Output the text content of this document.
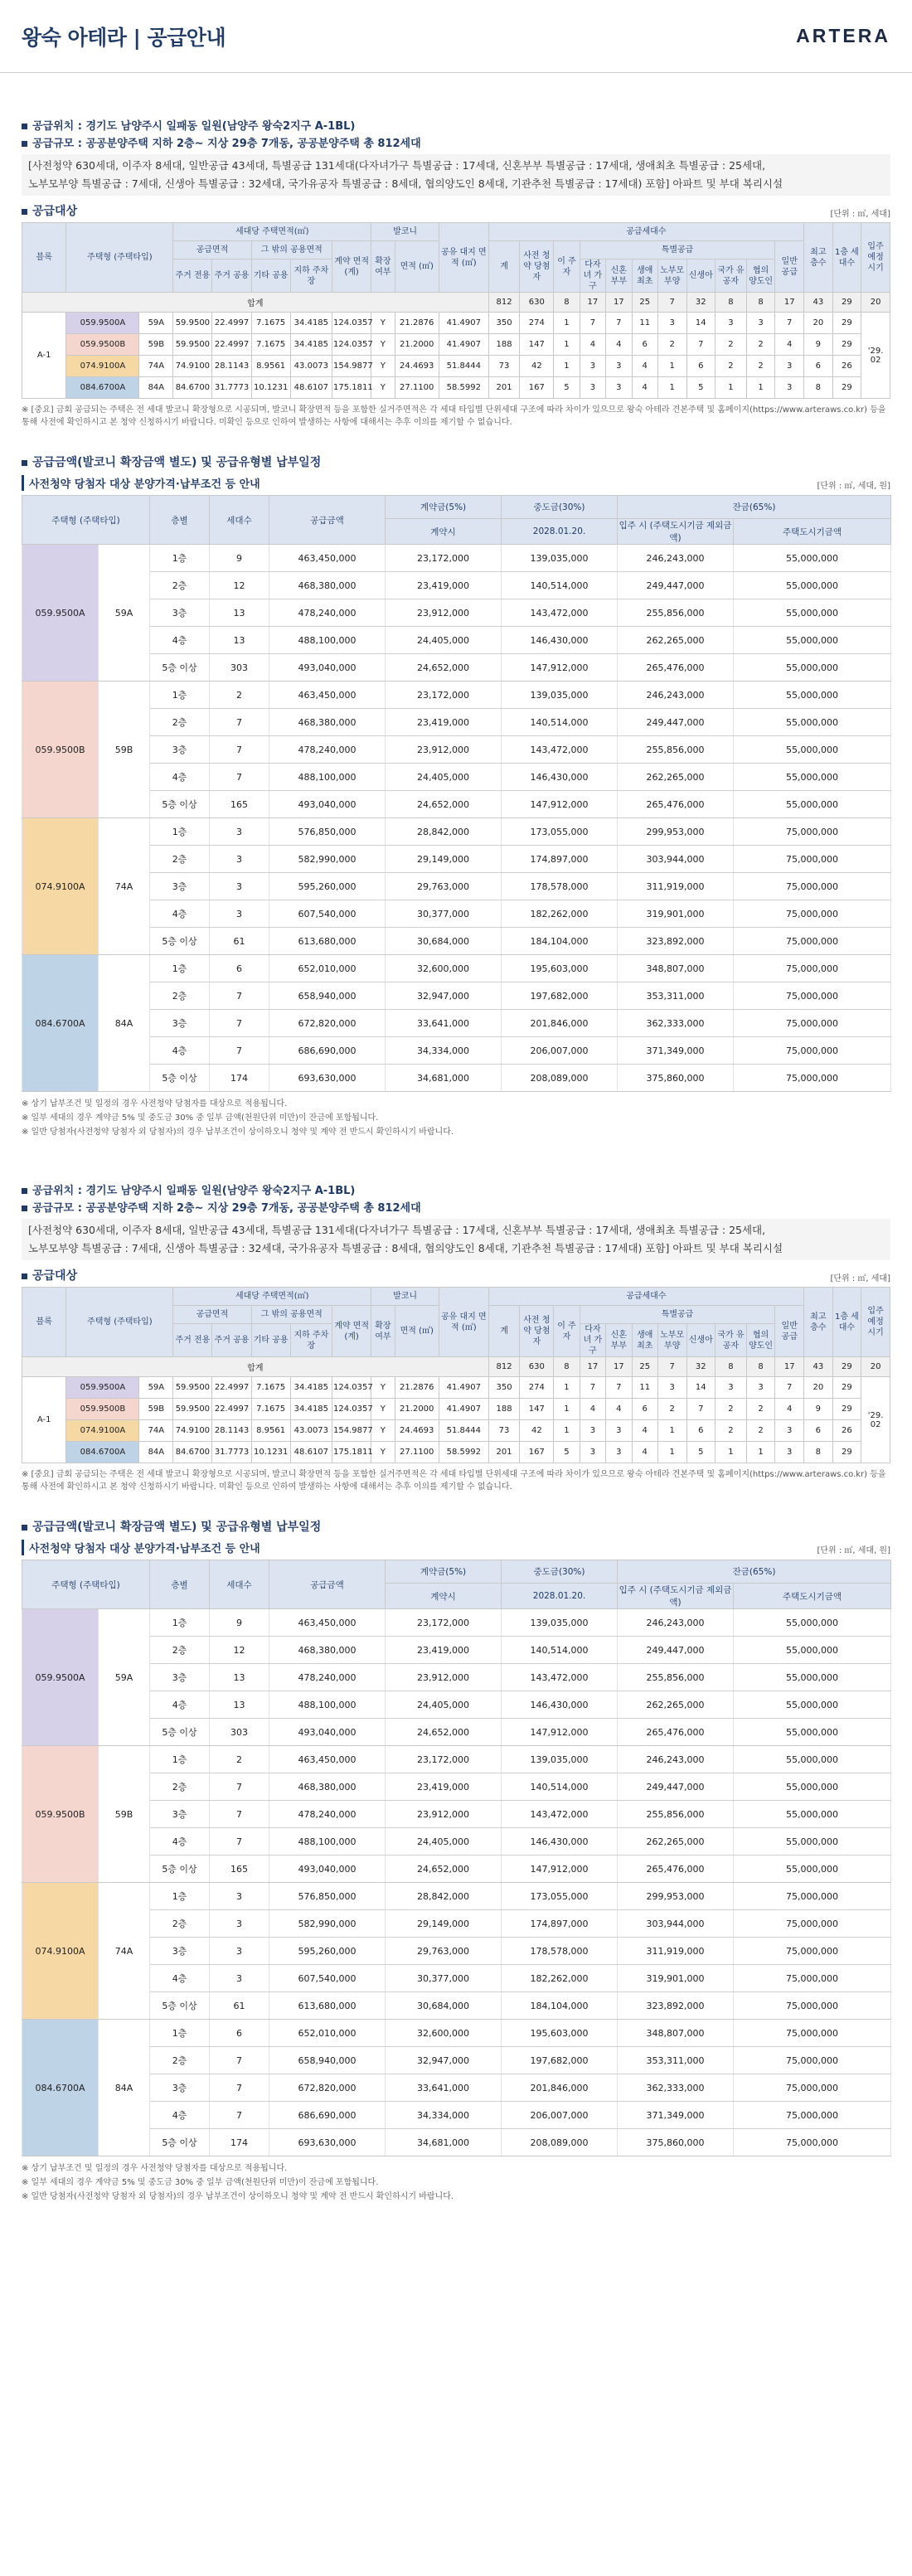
왕숙 아테라 | 공급안내	ARTERA
공급위치 : 경기도 남양주시 일패동 일원(남양주 왕숙2지구 A-1BL)
공급규모 : 공공분양주택 지하 2층~ 지상 29층 7개동, 공공분양주택 총 812세대
[사전청약 630세대, 이주자 8세대, 일반공급 43세대, 특별공급 131세대(다자녀가구 특별공급 : 17세대, 신혼부부 특별공급 : 17세대, 생애최초 특별공급 : 25세대,
노부모부양 특별공급 : 7세대, 신생아 특별공급 : 32세대, 국가유공자 특별공급 : 8세대, 협의양도인 8세대, 기관추천 특별공급 : 17세대) 포함] 아파트 및 부대 복리시설
공급대상	[단위 : ㎡, 세대]
블록	주택형 (주택타입)		세대당 주택면적(㎡)					발코니		공유 대지 면적 (㎡)	공급세대수											최고 층수	1층 세대수	입주 예정 시기
			공급면적		그 밖의 공용면적		계약 면적 (계)	확장 여부	면적 (㎡)		계	사전 청약 당첨자	이 주 자	특별공급							일반 공급			
			주거 전용	주거 공용	기타 공용	지하 주차장								다자녀 가구	신혼 부부	생애 최초	노부모 부양	신생아	국가 유공자	협의 양도인				
합계											812	630	8	17	17	25	7	32	8	8	17	43	29	20
A-1	059.9500A	59A	59.9500	22.4997	7.1675	34.4185	124.0357	Y	21.2876	41.4907	350	274	1	7	7	11	3	14	3	3	7	20	29	'29. 02
	059.9500B	59B	59.9500	22.4997	7.1675	34.4185	124.0357	Y	21.2000	41.4907	188	147	1	4	4	6	2	7	2	2	4	9	29	
	074.9100A	74A	74.9100	28.1143	8.9561	43.0073	154.9877	Y	24.4693	51.8444	73	42	1	3	3	4	1	6	2	2	3	6	26	
	084.6700A	84A	84.6700	31.7773	10.1231	48.6107	175.1811	Y	27.1100	58.5992	201	167	5	3	3	4	1	5	1	1	3	8	29	
※ [중요] 금회 공급되는 주택은 전 세대 발코니 확장형으로 시공되며, 발코니 확장면적 등을 포함한 실거주면적은 각 세대 타입별 단위세대 구조에 따라 차이가 있으므로 왕숙 아테라 견본주택 및 홈페이지(https://www.arteraws.co.kr) 등을 통해 사전에 확인하시고 본 청약 신청하시기 바랍니다. 미확인 등으로 인하여 발생하는 사항에 대해서는 추후 이의를 제기할 수 없습니다.
공급금액(발코니 확장금액 별도) 및 공급유형별 납부일정
사전청약 당첨자 대상 분양가격·납부조건 등 안내	[단위 : ㎡, 세대, 원]
주택형 (주택타입)		층별	세대수	공급금액	계약금(5%)	중도금(30%)	잔금(65%)	
					계약시	2028.01.20.	입주 시 (주택도시기금 제외금액)	주택도시기금액
059.9500A	59A	1층	9	463,450,000	23,172,000	139,035,000	246,243,000	55,000,000
		2층	12	468,380,000	23,419,000	140,514,000	249,447,000	55,000,000
		3층	13	478,240,000	23,912,000	143,472,000	255,856,000	55,000,000
		4층	13	488,100,000	24,405,000	146,430,000	262,265,000	55,000,000
		5층 이상	303	493,040,000	24,652,000	147,912,000	265,476,000	55,000,000
059.9500B	59B	1층	2	463,450,000	23,172,000	139,035,000	246,243,000	55,000,000
		2층	7	468,380,000	23,419,000	140,514,000	249,447,000	55,000,000
		3층	7	478,240,000	23,912,000	143,472,000	255,856,000	55,000,000
		4층	7	488,100,000	24,405,000	146,430,000	262,265,000	55,000,000
		5층 이상	165	493,040,000	24,652,000	147,912,000	265,476,000	55,000,000
074.9100A	74A	1층	3	576,850,000	28,842,000	173,055,000	299,953,000	75,000,000
		2층	3	582,990,000	29,149,000	174,897,000	303,944,000	75,000,000
		3층	3	595,260,000	29,763,000	178,578,000	311,919,000	75,000,000
		4층	3	607,540,000	30,377,000	182,262,000	319,901,000	75,000,000
		5층 이상	61	613,680,000	30,684,000	184,104,000	323,892,000	75,000,000
084.6700A	84A	1층	6	652,010,000	32,600,000	195,603,000	348,807,000	75,000,000
		2층	7	658,940,000	32,947,000	197,682,000	353,311,000	75,000,000
		3층	7	672,820,000	33,641,000	201,846,000	362,333,000	75,000,000
		4층	7	686,690,000	34,334,000	206,007,000	371,349,000	75,000,000
		5층 이상	174	693,630,000	34,681,000	208,089,000	375,860,000	75,000,000
※ 상기 납부조건 및 일정의 경우 사전청약 당첨자를 대상으로 적용됩니다.
※ 일부 세대의 경우 계약금 5% 및 중도금 30% 중 일부 금액(천원단위 미만)이 잔금에 포함됩니다.
※ 일반 당첨자(사전청약 당첨자 외 당첨자)의 경우 납부조건이 상이하오니 청약 및 계약 전 반드시 확인하시기 바랍니다.
공급위치 : 경기도 남양주시 일패동 일원(남양주 왕숙2지구 A-1BL)
공급규모 : 공공분양주택 지하 2층~ 지상 29층 7개동, 공공분양주택 총 812세대
[사전청약 630세대, 이주자 8세대, 일반공급 43세대, 특별공급 131세대(다자녀가구 특별공급 : 17세대, 신혼부부 특별공급 : 17세대, 생애최초 특별공급 : 25세대,
노부모부양 특별공급 : 7세대, 신생아 특별공급 : 32세대, 국가유공자 특별공급 : 8세대, 협의양도인 8세대, 기관추천 특별공급 : 17세대) 포함] 아파트 및 부대 복리시설
공급대상	[단위 : ㎡, 세대]
블록	주택형 (주택타입)		세대당 주택면적(㎡)					발코니		공유 대지 면적 (㎡)	공급세대수											최고 층수	1층 세대수	입주 예정 시기
			공급면적		그 밖의 공용면적		계약 면적 (계)	확장 여부	면적 (㎡)		계	사전 청약 당첨자	이 주 자	특별공급							일반 공급			
			주거 전용	주거 공용	기타 공용	지하 주차장								다자녀 가구	신혼 부부	생애 최초	노부모 부양	신생아	국가 유공자	협의 양도인				
합계											812	630	8	17	17	25	7	32	8	8	17	43	29	20
A-1	059.9500A	59A	59.9500	22.4997	7.1675	34.4185	124.0357	Y	21.2876	41.4907	350	274	1	7	7	11	3	14	3	3	7	20	29	'29. 02
	059.9500B	59B	59.9500	22.4997	7.1675	34.4185	124.0357	Y	21.2000	41.4907	188	147	1	4	4	6	2	7	2	2	4	9	29	
	074.9100A	74A	74.9100	28.1143	8.9561	43.0073	154.9877	Y	24.4693	51.8444	73	42	1	3	3	4	1	6	2	2	3	6	26	
	084.6700A	84A	84.6700	31.7773	10.1231	48.6107	175.1811	Y	27.1100	58.5992	201	167	5	3	3	4	1	5	1	1	3	8	29	
※ [중요] 금회 공급되는 주택은 전 세대 발코니 확장형으로 시공되며, 발코니 확장면적 등을 포함한 실거주면적은 각 세대 타입별 단위세대 구조에 따라 차이가 있으므로 왕숙 아테라 견본주택 및 홈페이지(https://www.arteraws.co.kr) 등을 통해 사전에 확인하시고 본 청약 신청하시기 바랍니다. 미확인 등으로 인하여 발생하는 사항에 대해서는 추후 이의를 제기할 수 없습니다.
공급금액(발코니 확장금액 별도) 및 공급유형별 납부일정
사전청약 당첨자 대상 분양가격·납부조건 등 안내	[단위 : ㎡, 세대, 원]
주택형 (주택타입)		층별	세대수	공급금액	계약금(5%)	중도금(30%)	잔금(65%)	
					계약시	2028.01.20.	입주 시 (주택도시기금 제외금액)	주택도시기금액
059.9500A	59A	1층	9	463,450,000	23,172,000	139,035,000	246,243,000	55,000,000
		2층	12	468,380,000	23,419,000	140,514,000	249,447,000	55,000,000
		3층	13	478,240,000	23,912,000	143,472,000	255,856,000	55,000,000
		4층	13	488,100,000	24,405,000	146,430,000	262,265,000	55,000,000
		5층 이상	303	493,040,000	24,652,000	147,912,000	265,476,000	55,000,000
059.9500B	59B	1층	2	463,450,000	23,172,000	139,035,000	246,243,000	55,000,000
		2층	7	468,380,000	23,419,000	140,514,000	249,447,000	55,000,000
		3층	7	478,240,000	23,912,000	143,472,000	255,856,000	55,000,000
		4층	7	488,100,000	24,405,000	146,430,000	262,265,000	55,000,000
		5층 이상	165	493,040,000	24,652,000	147,912,000	265,476,000	55,000,000
074.9100A	74A	1층	3	576,850,000	28,842,000	173,055,000	299,953,000	75,000,000
		2층	3	582,990,000	29,149,000	174,897,000	303,944,000	75,000,000
		3층	3	595,260,000	29,763,000	178,578,000	311,919,000	75,000,000
		4층	3	607,540,000	30,377,000	182,262,000	319,901,000	75,000,000
		5층 이상	61	613,680,000	30,684,000	184,104,000	323,892,000	75,000,000
084.6700A	84A	1층	6	652,010,000	32,600,000	195,603,000	348,807,000	75,000,000
		2층	7	658,940,000	32,947,000	197,682,000	353,311,000	75,000,000
		3층	7	672,820,000	33,641,000	201,846,000	362,333,000	75,000,000
		4층	7	686,690,000	34,334,000	206,007,000	371,349,000	75,000,000
		5층 이상	174	693,630,000	34,681,000	208,089,000	375,860,000	75,000,000
※ 상기 납부조건 및 일정의 경우 사전청약 당첨자를 대상으로 적용됩니다.
※ 일부 세대의 경우 계약금 5% 및 중도금 30% 중 일부 금액(천원단위 미만)이 잔금에 포함됩니다.
※ 일반 당첨자(사전청약 당첨자 외 당첨자)의 경우 납부조건이 상이하오니 청약 및 계약 전 반드시 확인하시기 바랍니다.
